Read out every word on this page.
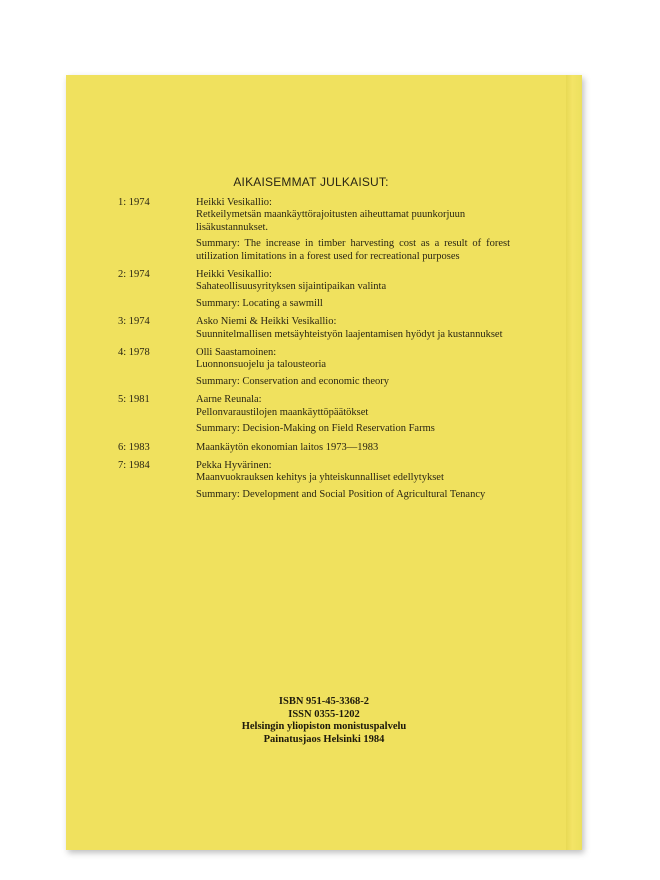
AIKAISEMMAT JULKAISUT:
1: 1974	Heikki Vesikallio:
Retkeilymetsän maankäyttörajoitusten aiheuttamat puunkorjuun lisäkustannukset.
Summary: The increase in timber harvesting cost as a result of forest utilization limitations in a forest used for recreational purposes
2: 1974	Heikki Vesikallio:
Sahateollisuusyrityksen sijaintipaikan valinta
Summary: Locating a sawmill
3: 1974	Asko Niemi & Heikki Vesikallio:
Suunnitelmallisen metsäyhteistyön laajentamisen hyödyt ja kustannukset
4: 1978	Olli Saastamoinen:
Luonnonsuojelu ja talousteoria
Summary: Conservation and economic theory
5: 1981	Aarne Reunala:
Pellonvaraustilojen maankäyttöpäätökset
Summary: Decision-Making on Field Reservation Farms
6: 1983	Maankäytön ekonomian laitos 1973—1983
7: 1984	Pekka Hyvärinen:
Maanvuokrauksen kehitys ja yhteiskunnalliset edellytykset
Summary: Development and Social Position of Agricultural Tenancy
ISBN 951-45-3368-2
ISSN 0355-1202
Helsingin yliopiston monistuspalvelu
Painatusjaos Helsinki 1984
